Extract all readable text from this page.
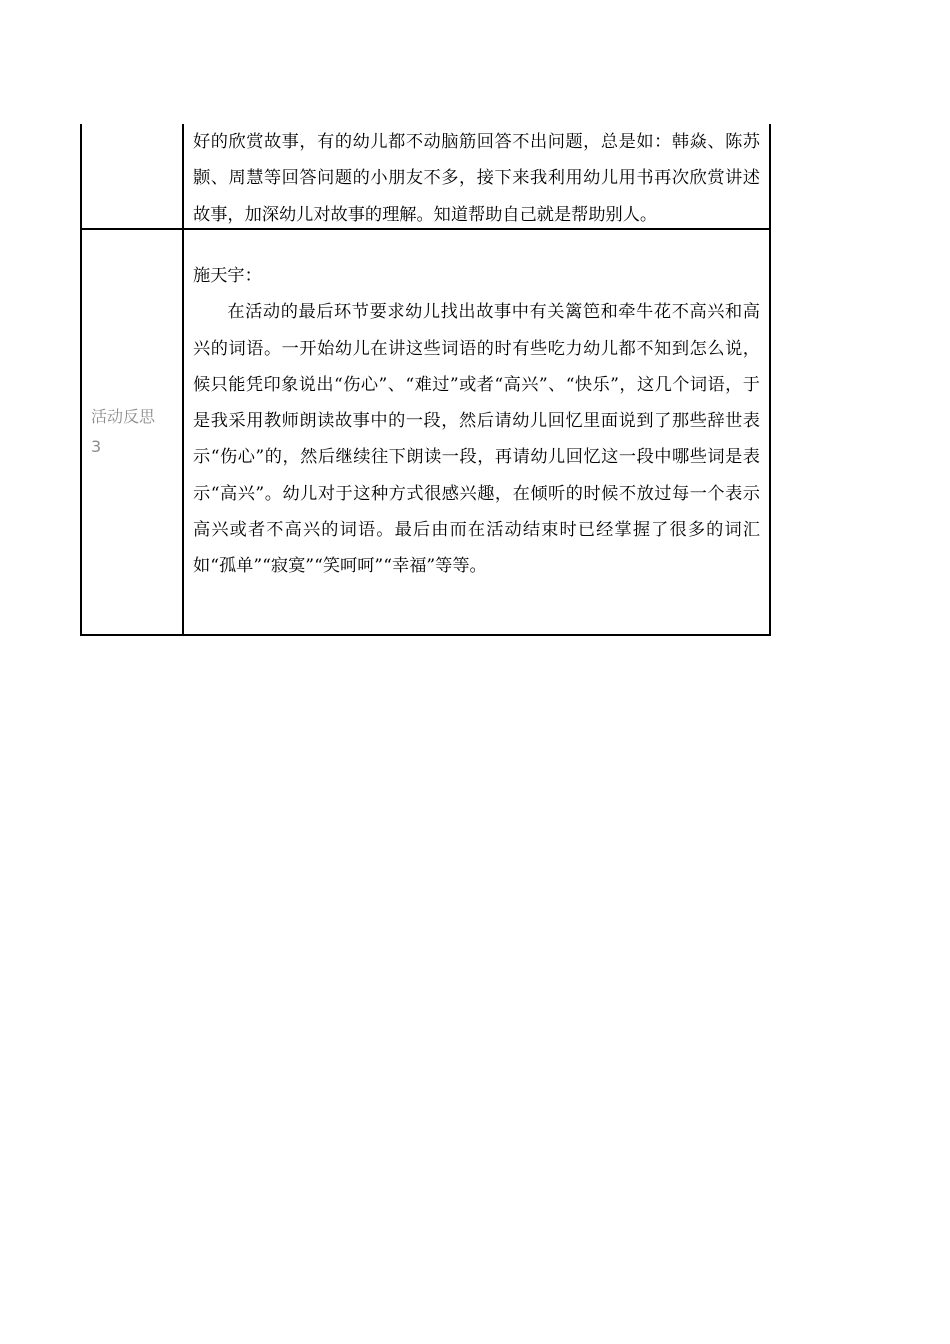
好的欣赏故事，有的幼儿都不动脑筋回答不出问题，总是如：韩焱、陈苏颢、周慧等回答问题的小朋友不多，接下来我利用幼儿用书再次欣赏讲述故事，加深幼儿对故事的理解。知道帮助自己就是帮助别人。

活动反思
3

施天宇：

在活动的最后环节要求幼儿找出故事中有关篱笆和牵牛花不高兴和高兴的词语。一开始幼儿在讲这些词语的时有些吃力幼儿都不知到怎么说，候只能凭印象说出“伤心”、“难过”或者“高兴”、“快乐”，这几个词语，于是我采用教师朗读故事中的一段，然后请幼儿回忆里面说到了那些辞世表示“伤心”的，然后继续往下朗读一段，再请幼儿回忆这一段中哪些词是表示“高兴”。幼儿对于这种方式很感兴趣，在倾听的时候不放过每一个表示高兴或者不高兴的词语。最后由而在活动结束时已经掌握了很多的词汇如“孤单”“寂寞”“笑呵呵”“幸福”等等。
